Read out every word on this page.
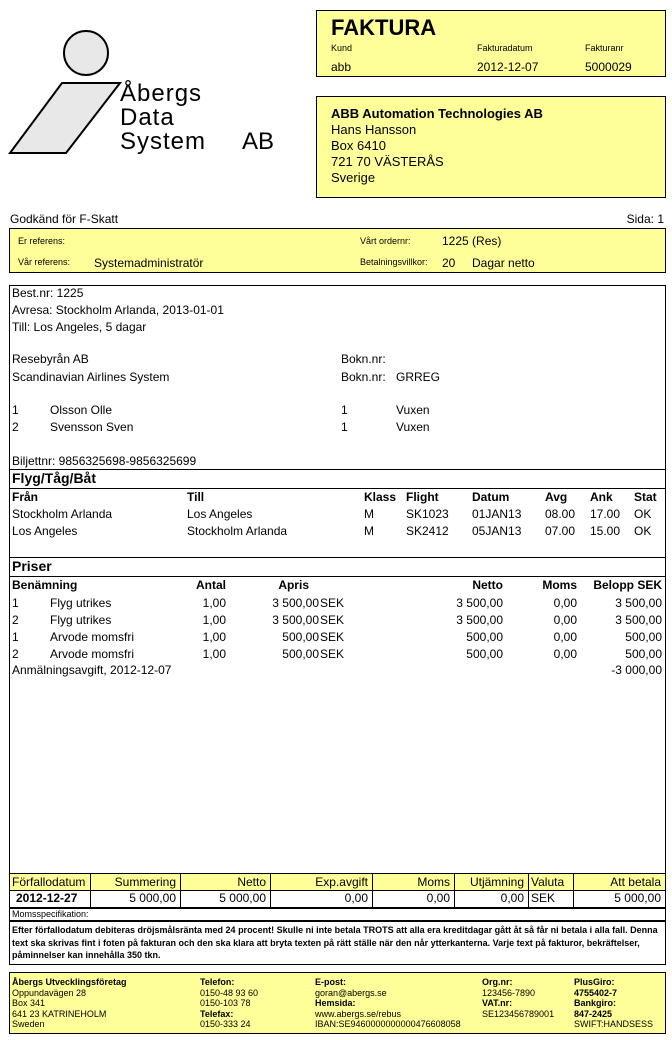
Åbergs
Data
System AB
FAKTURA
Kund
abb
Fakturadatum
2012-12-07
Fakturanr
5000029
ABB Automation Technologies AB
Hans Hansson
Box 6410
721 70 VÄSTERÅS
Sverige
Godkänd för F-Skatt	Sida: 1
Er referens:
Vår referens: Systemadministratör
Vårt ordernr:	1225 (Res)
Betalningsvillkor: 20 Dagar netto
Best.nr: 1225
Avresa: Stockholm Arlanda, 2013-01-01
Till: Los Angeles, 5 dagar
Resebyrån AB	Bokn.nr:
Scandinavian Airlines System	Bokn.nr: GRREG
1	Olsson Olle	1	Vuxen
2	Svensson Sven	1	Vuxen
Biljettnr: 9856325698-9856325699
Flyg/Tåg/Båt
Från	Till	Klass Flight	Datum	Avg Ank Stat
Stockholm Arlanda	Los Angeles	M	SK1023 01JAN13 08.00 17.00 OK
Los Angeles	Stockholm Arlanda	M	SK2412 05JAN13 07.00 15.00 OK
Priser
Benämning	Antal	Apris	Netto	Moms Belopp SEK
1	Flyg utrikes	1,00	3 500,00 SEK	3 500,00	0,00	3 500,00
2	Flyg utrikes	1,00	3 500,00 SEK	3 500,00	0,00	3 500,00
1	Arvode momsfri	1,00	500,00 SEK	500,00	0,00	500,00
2	Arvode momsfri	1,00	500,00 SEK	500,00	0,00	500,00
Anmälningsavgift, 2012-12-07	-3 000,00
Förfallodatum Summering	Netto	Exp.avgift	Moms Utjämning Valuta	Att betala
2012-12-27	5 000,00	5 000,00	0,00	0,00	0,00 SEK	5 000,00
Momsspecifikation:
Efter förfallodatum debiteras dröjsmålsränta med 24 procent! Skulle ni inte betala TROTS att alla era kreditdagar gått åt så får ni betala i alla fall. Denna text ska skrivas fint i foten på fakturan och den ska klara att bryta texten på rätt ställe när den når ytterkanterna. Varje text på fakturor, bekräftelser, påminnelser kan innehålla 350 tkn.
Åbergs Utvecklingsföretag
Oppundavägen 28
Box 341
641 23 KATRINEHOLM
Sweden
Telefon:
0150-48 93 60
0150-103 78
Telefax:
0150-333 24
E-post:
goran@abergs.se
Hemsida:
www.abergs.se/rebus
IBAN:SE9460000000000476608058
Org.nr:
123456-7890
VAT.nr:
SE123456789001
PlusGiro:
4755402-7
Bankgiro:
847-2425
SWIFT:HANDSESS
